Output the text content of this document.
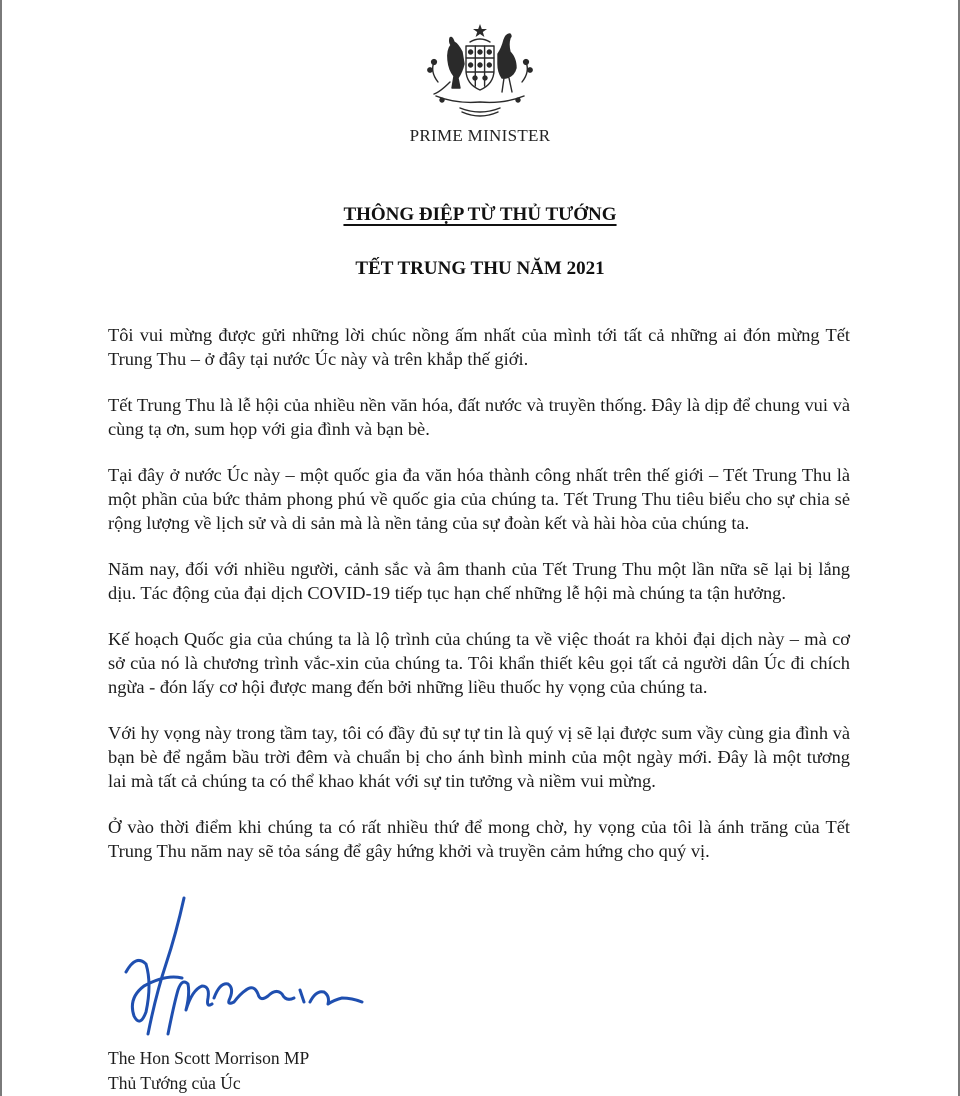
PRIME MINISTER
THÔNG ĐIỆP TỪ THỦ TƯỚNG
TẾT TRUNG THU NĂM 2021

Tôi vui mừng được gửi những lời chúc nồng ấm nhất của mình tới tất cả những ai đón mừng Tết Trung Thu – ở đây tại nước Úc này và trên khắp thế giới.

Tết Trung Thu là lễ hội của nhiều nền văn hóa, đất nước và truyền thống. Đây là dịp để chung vui và cùng tạ ơn, sum họp với gia đình và bạn bè.

Tại đây ở nước Úc này – một quốc gia đa văn hóa thành công nhất trên thế giới – Tết Trung Thu là một phần của bức thảm phong phú về quốc gia của chúng ta. Tết Trung Thu tiêu biểu cho sự chia sẻ rộng lượng về lịch sử và di sản mà là nền tảng của sự đoàn kết và hài hòa của chúng ta.

Năm nay, đối với nhiều người, cảnh sắc và âm thanh của Tết Trung Thu một lần nữa sẽ lại bị lắng dịu. Tác động của đại dịch COVID-19 tiếp tục hạn chế những lễ hội mà chúng ta tận hưởng.

Kế hoạch Quốc gia của chúng ta là lộ trình của chúng ta về việc thoát ra khỏi đại dịch này – mà cơ sở của nó là chương trình vắc-xin của chúng ta. Tôi khẩn thiết kêu gọi tất cả người dân Úc đi chích ngừa - đón lấy cơ hội được mang đến bởi những liều thuốc hy vọng của chúng ta.

Với hy vọng này trong tầm tay, tôi có đầy đủ sự tự tin là quý vị sẽ lại được sum vầy cùng gia đình và bạn bè để ngắm bầu trời đêm và chuẩn bị cho ánh bình minh của một ngày mới. Đây là một tương lai mà tất cả chúng ta có thể khao khát với sự tin tưởng và niềm vui mừng.

Ở vào thời điểm khi chúng ta có rất nhiều thứ để mong chờ, hy vọng của tôi là ánh trăng của Tết Trung Thu năm nay sẽ tỏa sáng để gây hứng khởi và truyền cảm hứng cho quý vị.

The Hon Scott Morrison MP
Thủ Tướng của Úc
